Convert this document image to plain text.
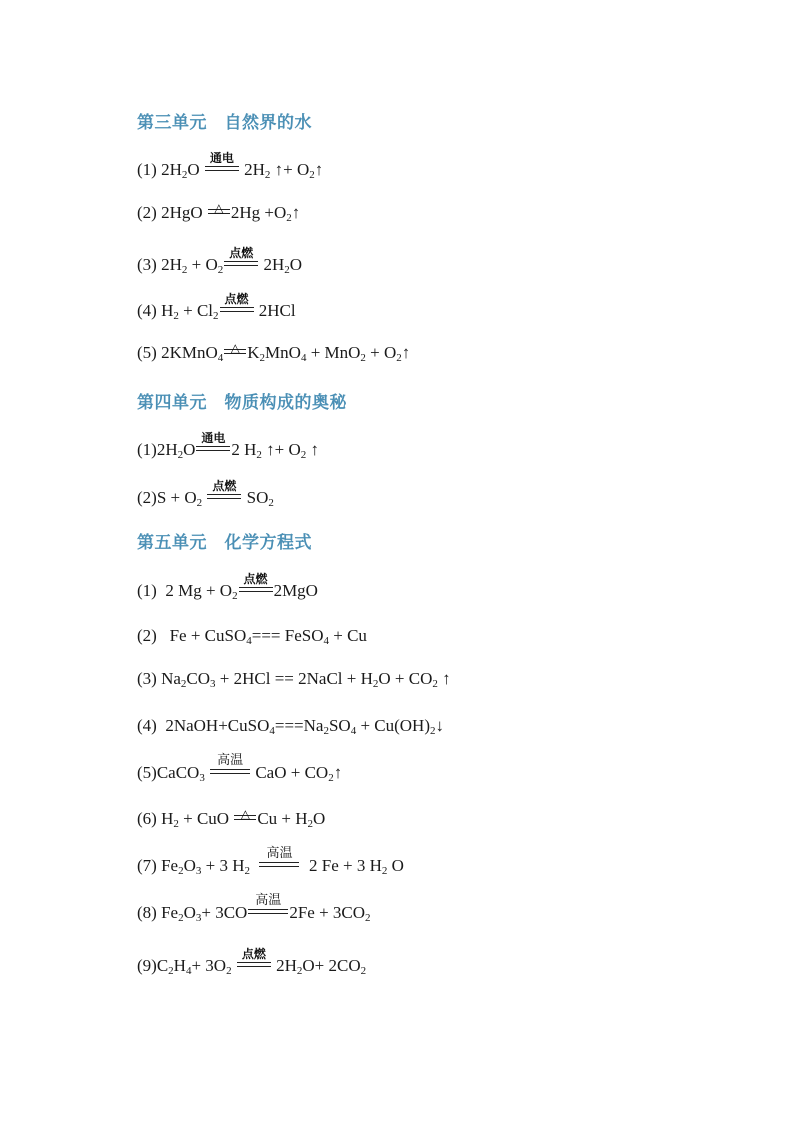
第三单元　自然界的水
(1) $2H_2O$
通电
$2H_2$ ↑+ $O_2↑$
(2) 2HgO △ $2Hg +O_2↑$
(3) $2H_2 + O_2$
点燃
$2H_2O$
(4) $H_2 + Cl_2$
点燃
2HCl
(5) 2KMnO$_4$
△ $K_2MnO_4 + MnO_2$ + $O_2↑$
第四单元　物质构成的奥秘
$(1)2H_2O$
通电
2 $H_2$ ↑+ $O_2$ ↑
$(2)S + O_2$
点燃
$SO_2$
第五单元　化学方程式
(1)  2 $Mg + O_2$
点燃
2MgO
(2)   Fe + CuSO$_4$=== FeSO$_4$ + Cu
(3) $Na_2CO_3 + 2HCl$ == 2NaCl + $H_2O + CO_2$ ↑
(4)  $2NaOH+CuSO_4===Na_2SO_4$ + $Cu(OH)_2↓$
(5)CaCO$_3$
高温
CaO + $CO_2↑$
(6) $H_2$ + CuO △ $Cu + H_2O$
(7) $Fe_2O_3 + 3$ $H_2$
高温
2 Fe + 3 $H_2$ O
(8) $Fe_2O_3+ 3CO$
高温
$2Fe + 3CO_2$
$(9)C_2H_4+ 3O_2$
点燃
$2H_2O+ 2CO_2$
